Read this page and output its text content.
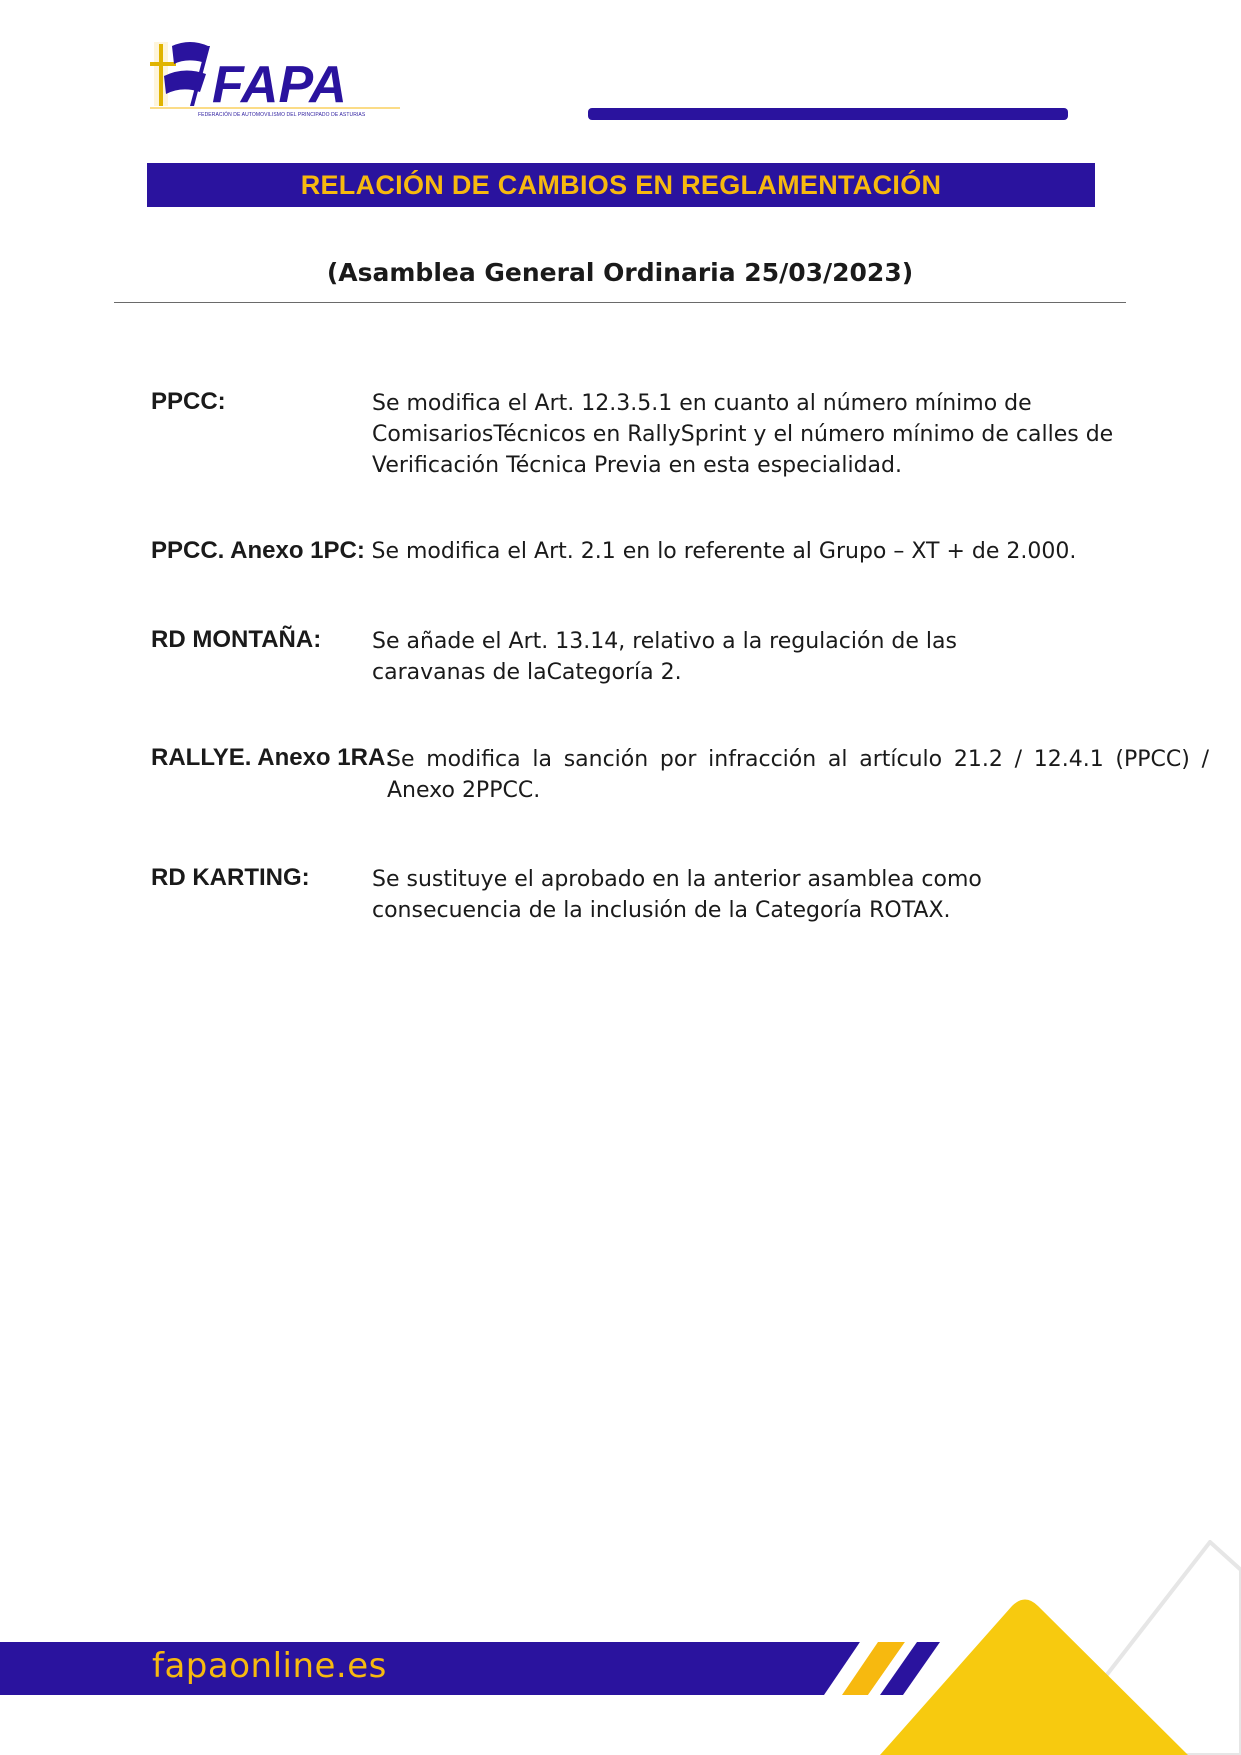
FAPA
FEDERACIÓN DE AUTOMOVILISMO DEL PRINCIPADO DE ASTURIAS
RELACIÓN DE CAMBIOS EN REGLAMENTACIÓN
(Asamblea General Ordinaria 25/03/2023)
PPCC:	Se modifica el Art. 12.3.5.1 en cuanto al número mínimo de ComisariosTécnicos en RallySprint y el número mínimo de calles de Verificación Técnica Previa en esta especialidad.
PPCC. Anexo 1PC: Se modifica el Art. 2.1 en lo referente al Grupo – XT + de 2.000.
RD MONTAÑA: Se añade el Art. 13.14, relativo a la regulación de las caravanas de laCategoría 2.
RALLYE. Anexo 1RA:
Se modifica la sanción por infracción al artículo 21.2 / 12.4.1 (PPCC) / Anexo 2PPCC.
RD KARTING:	Se sustituye el aprobado en la anterior asamblea como consecuencia de la inclusión de la Categoría ROTAX.
fapaonline.es
